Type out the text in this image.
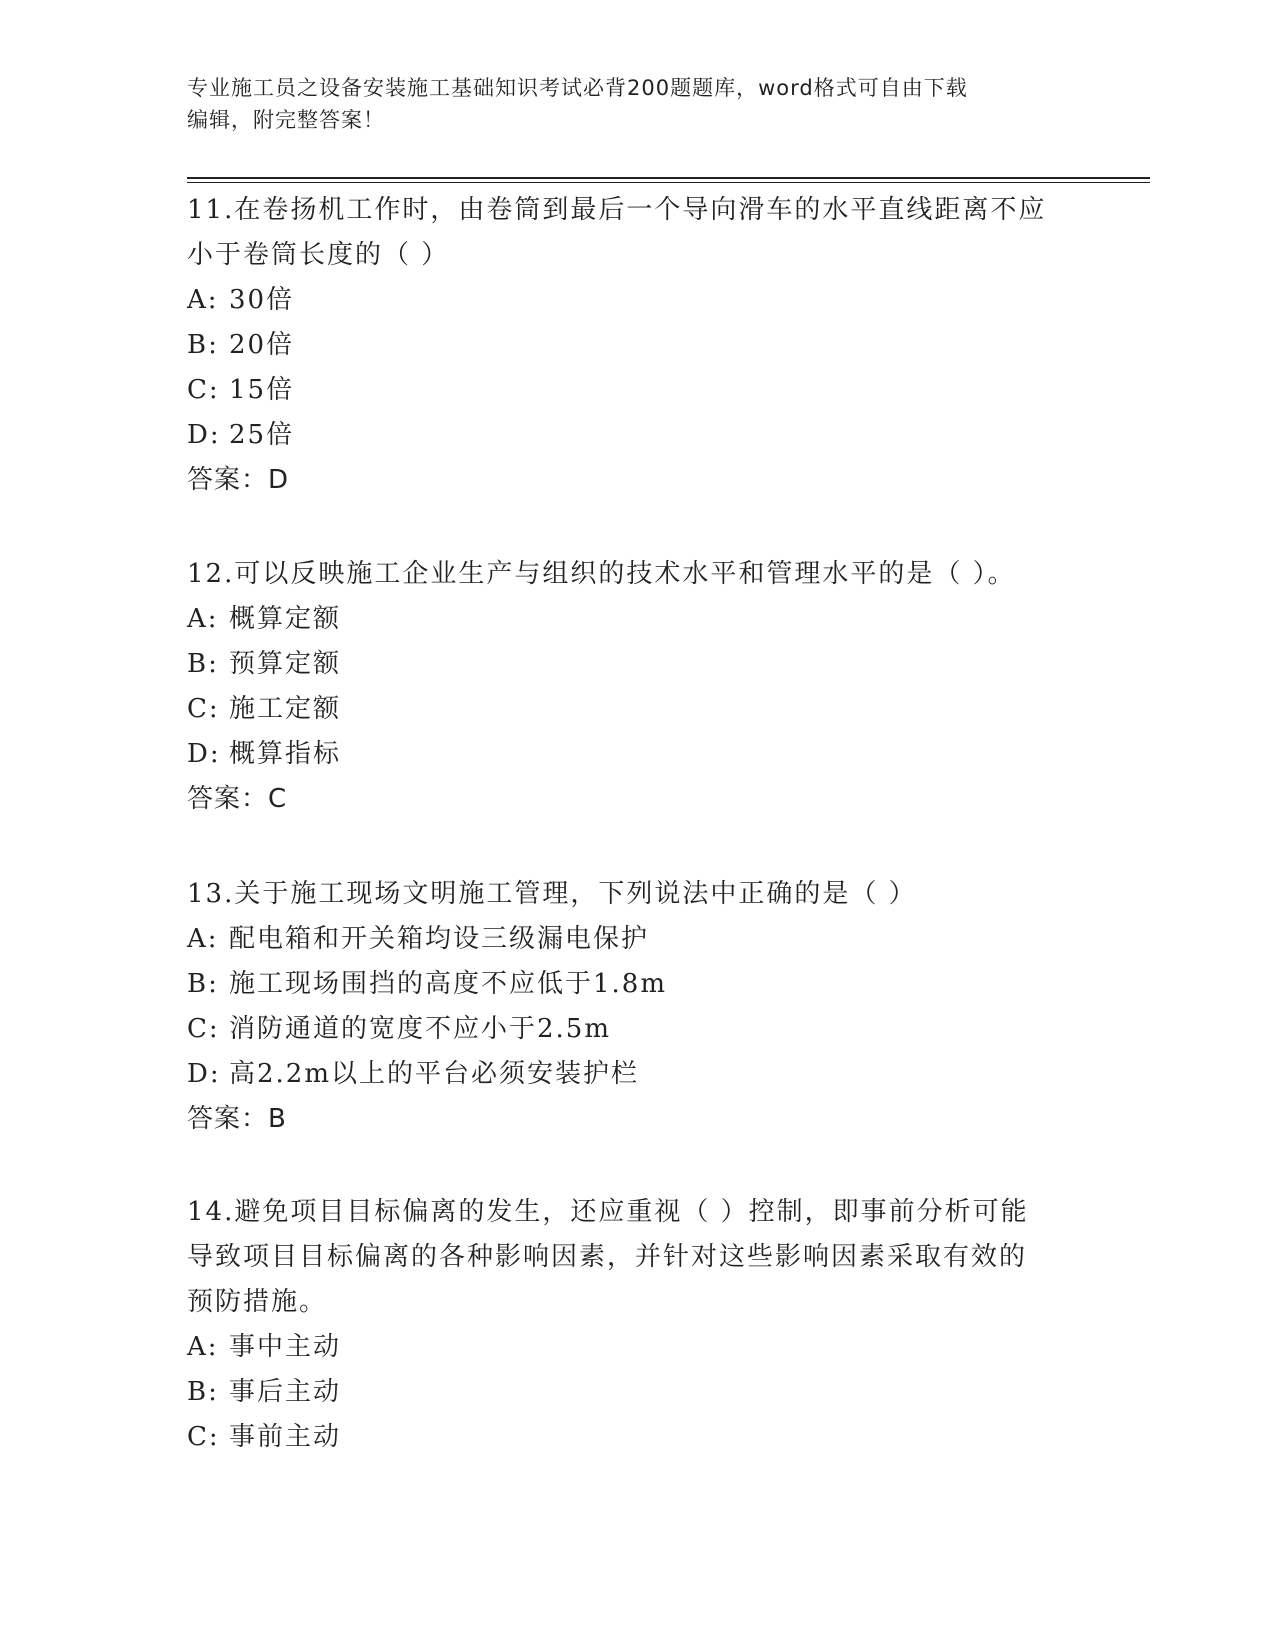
专业施工员之设备安装施工基础知识考试必背200题题库，word格式可自由下载
编辑，附完整答案！

11.在卷扬机工作时，由卷筒到最后一个导向滑车的水平直线距离不应

小于卷筒长度的（ ）

A: 30倍

B: 20倍

C: 15倍

D: 25倍

答案：D

12.可以反映施工企业生产与组织的技术水平和管理水平的是（ ）。

A: 概算定额

B: 预算定额

C: 施工定额

D: 概算指标

答案：C

13.关于施工现场文明施工管理，下列说法中正确的是（ ）

A: 配电箱和开关箱均设三级漏电保护

B: 施工现场围挡的高度不应低于1.8m

C: 消防通道的宽度不应小于2.5m

D: 高2.2m以上的平台必须安装护栏

答案：B

14.避免项目目标偏离的发生，还应重视（ ）控制，即事前分析可能

导致项目目标偏离的各种影响因素，并针对这些影响因素采取有效的

预防措施。

A: 事中主动

B: 事后主动

C: 事前主动
